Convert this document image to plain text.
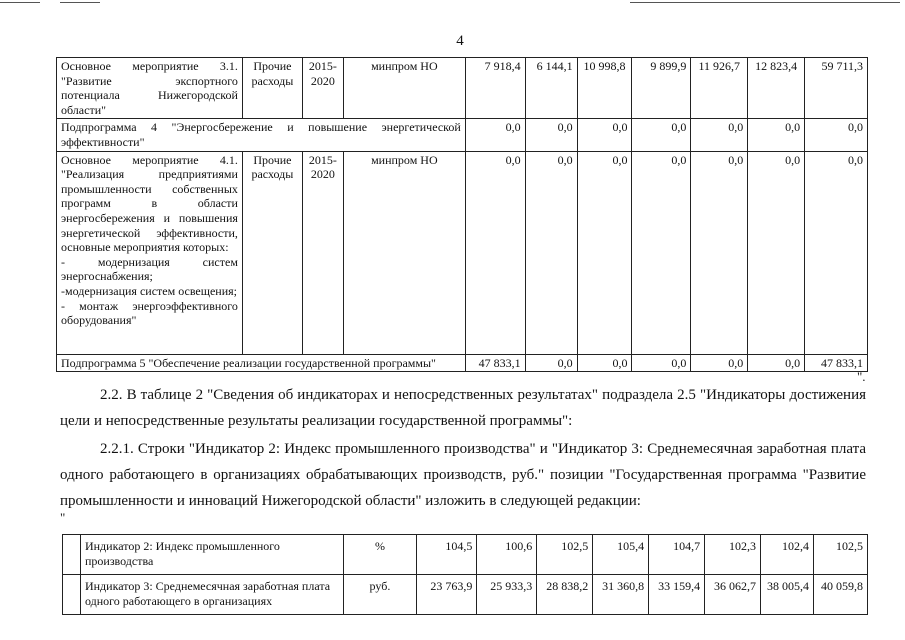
4
Основное мероприятие 3.1. "Развитие экспортного потенциала Нижегородской области"	Прочие расходы	2015-2020	минпром НО	7 918,4	6 144,1	10 998,8	9 899,9	11 926,7	12 823,4	59 711,3
Подпрограмма 4 "Энергосбережение и повышение энергетической эффективности"				0,0	0,0	0,0	0,0	0,0	0,0	0,0
Основное мероприятие 4.1. "Реализация предприятиями промышленности собственных программ в области энергосбережения и повышения энергетической эффективности, основные мероприятия которых:
- модернизация систем энергоснабжения;
-модернизация систем освещения;
- монтаж энергоэффективного оборудования"	Прочие расходы	2015-2020	минпром НО	0,0	0,0	0,0	0,0	0,0	0,0	0,0
Подпрограмма 5 "Обеспечение реализации государственной программы"				47 833,1	0,0	0,0	0,0	0,0	0,0	47 833,1
".
2.2. В таблице 2 "Сведения об индикаторах и непосредственных результатах" подраздела 2.5 "Индикаторы достижения цели и непосредственные результаты реализации государственной программы":
2.2.1. Строки "Индикатор 2: Индекс промышленного производства" и "Индикатор 3: Среднемесячная заработная плата одного работающего в организациях обрабатывающих производств, руб." позиции "Государственная программа "Развитие промышленности и инноваций Нижегородской области" изложить в следующей редакции:
"
	Индикатор 2: Индекс промышленного производства	%	104,5	100,6	102,5	105,4	104,7	102,3	102,4	102,5
	Индикатор 3: Среднемесячная заработная плата одного работающего в организациях	руб.	23 763,9	25 933,3	28 838,2	31 360,8	33 159,4	36 062,7	38 005,4	40 059,8
